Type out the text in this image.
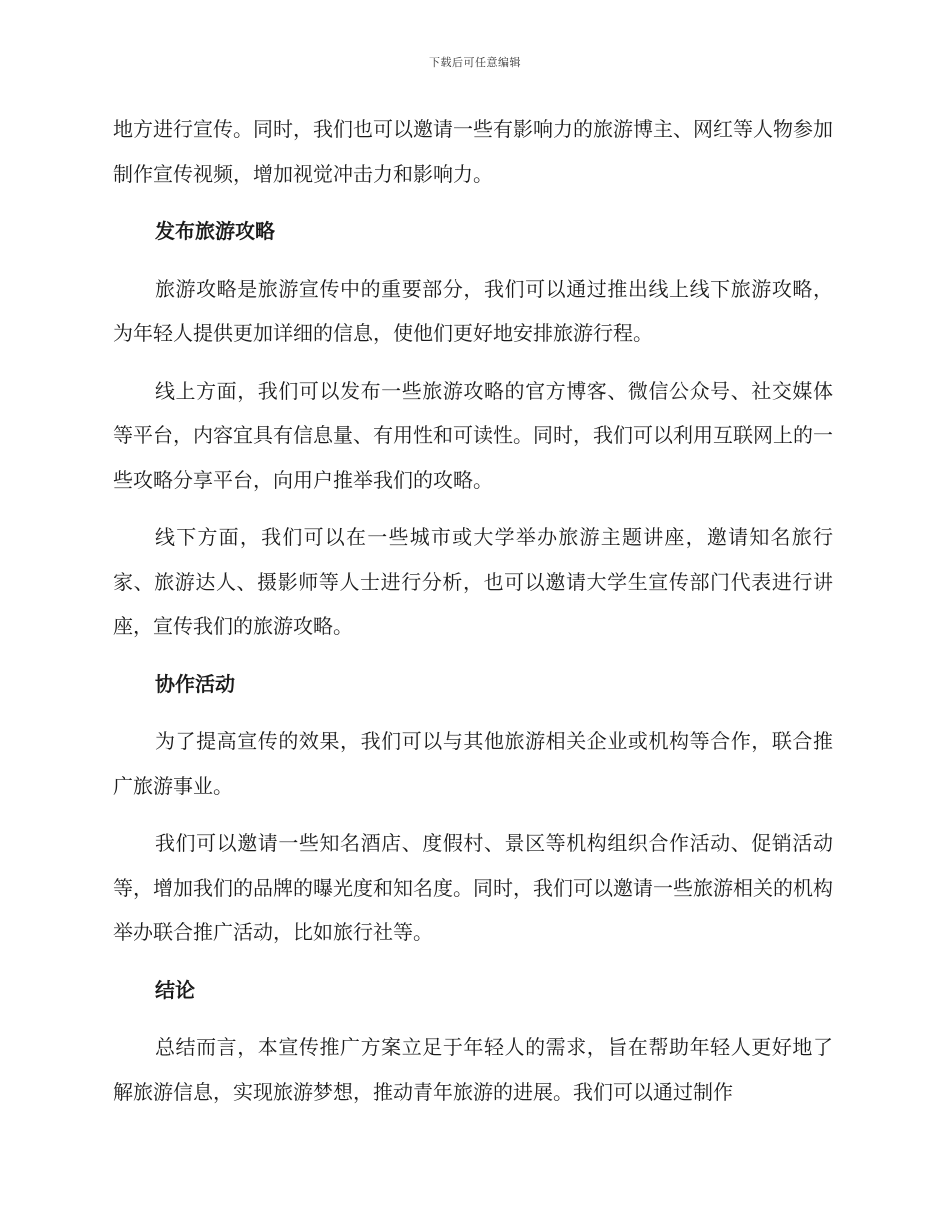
下载后可任意编辑

地方进行宣传。同时，我们也可以邀请一些有影响力的旅游博主、网红等人物参加制作宣传视频，增加视觉冲击力和影响力。

发布旅游攻略

旅游攻略是旅游宣传中的重要部分，我们可以通过推出线上线下旅游攻略，为年轻人提供更加详细的信息，使他们更好地安排旅游行程。

线上方面，我们可以发布一些旅游攻略的官方博客、微信公众号、社交媒体等平台，内容宜具有信息量、有用性和可读性。同时，我们可以利用互联网上的一些攻略分享平台，向用户推举我们的攻略。

线下方面，我们可以在一些城市或大学举办旅游主题讲座，邀请知名旅行家、旅游达人、摄影师等人士进行分析，也可以邀请大学生宣传部门代表进行讲座，宣传我们的旅游攻略。

协作活动

为了提高宣传的效果，我们可以与其他旅游相关企业或机构等合作，联合推广旅游事业。

我们可以邀请一些知名酒店、度假村、景区等机构组织合作活动、促销活动等，增加我们的品牌的曝光度和知名度。同时，我们可以邀请一些旅游相关的机构举办联合推广活动，比如旅行社等。

结论

总结而言，本宣传推广方案立足于年轻人的需求，旨在帮助年轻人更好地了解旅游信息，实现旅游梦想，推动青年旅游的进展。我们可以通过制作
